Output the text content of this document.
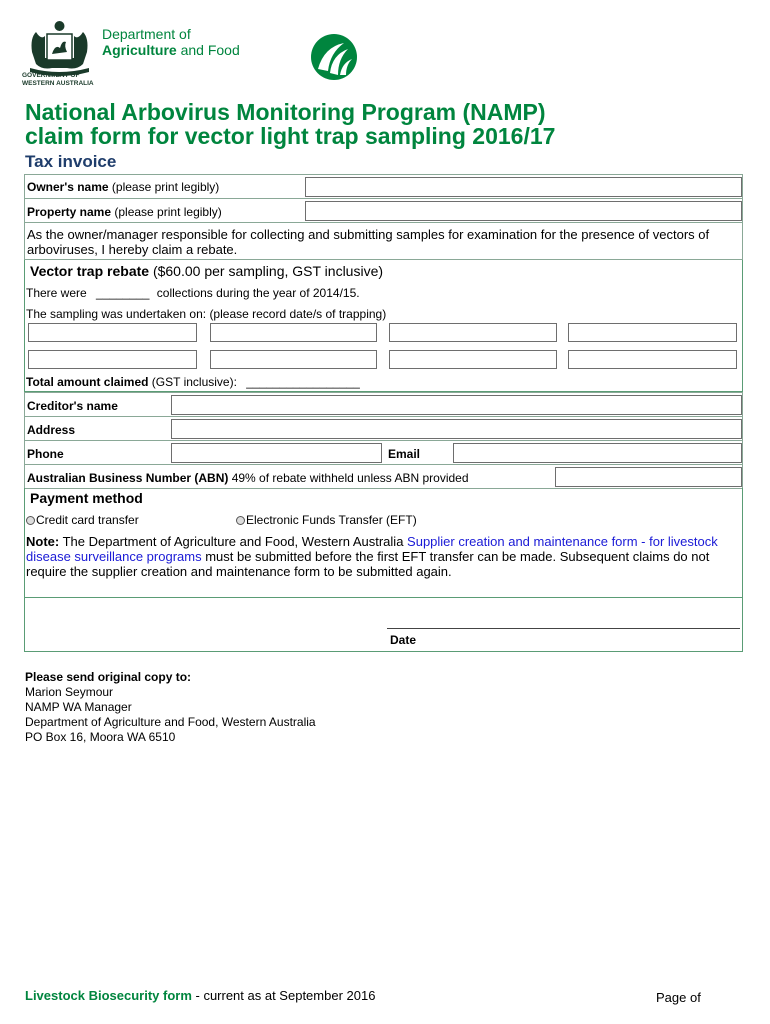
GOVERNMENT OF
WESTERN AUSTRALIA
Department of
Agriculture and Food
National Arbovirus Monitoring Program (NAMP)
claim form for vector light trap sampling 2016/17
Tax invoice
Owner's name (please print legibly)
Property name (please print legibly)
As the owner/manager responsible for collecting and submitting samples for examination for the presence of vectors of arboviruses, I hereby claim a rebate.
Vector trap rebate ($60.00 per sampling, GST inclusive)
There were ________ collections during the year of 2014/15.
The sampling was undertaken on: (please record date/s of trapping)
Total amount claimed (GST inclusive): _________________
Creditor's name
Address
Phone	Email
Australian Business Number (ABN) 49% of rebate withheld unless ABN provided
Payment method
Credit card transfer	Electronic Funds Transfer (EFT)
Note: The Department of Agriculture and Food, Western Australia Supplier creation and maintenance form - for livestock disease surveillance programs must be submitted before the first EFT transfer can be made. Subsequent claims do not require the supplier creation and maintenance form to be submitted again.
Date
Please send original copy to:
Marion Seymour
NAMP WA Manager
Department of Agriculture and Food, Western Australia
PO Box 16, Moora WA 6510
Livestock Biosecurity form - current as at September 2016	Page of
